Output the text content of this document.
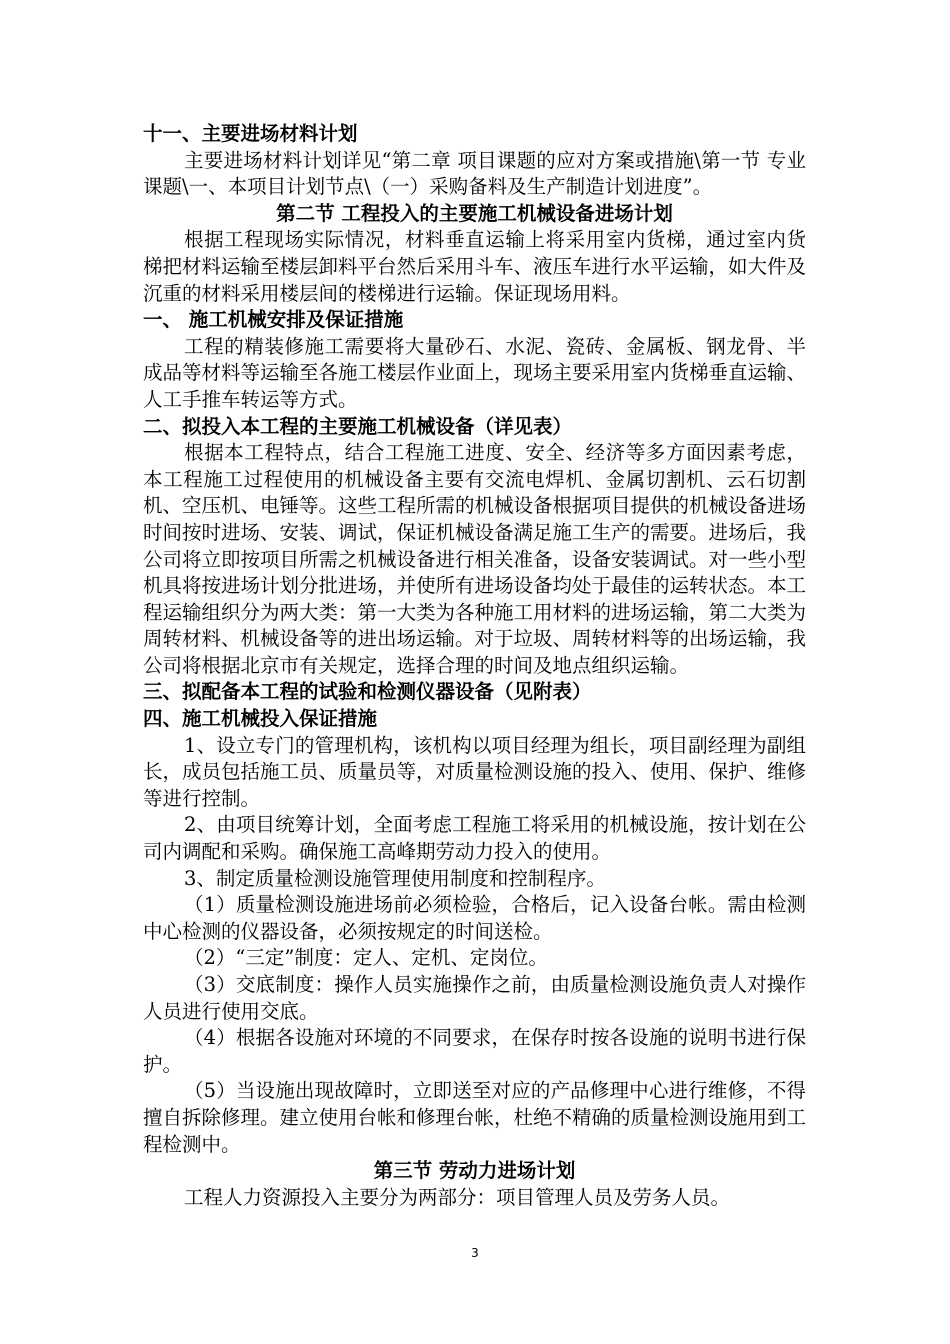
十一、主要进场材料计划

主要进场材料计划详见“第二章 项目课题的应对方案或措施\第一节 专业课题\一、本项目计划节点\（一）采购备料及生产制造计划进度”。

第二节 工程投入的主要施工机械设备进场计划

根据工程现场实际情况，材料垂直运输上将采用室内货梯，通过室内货梯把材料运输至楼层卸料平台然后采用斗车、液压车进行水平运输，如大件及沉重的材料采用楼层间的楼梯进行运输。保证现场用料。

一、 施工机械安排及保证措施

工程的精装修施工需要将大量砂石、水泥、瓷砖、金属板、钢龙骨、半成品等材料等运输至各施工楼层作业面上，现场主要采用室内货梯垂直运输、人工手推车转运等方式。

二、拟投入本工程的主要施工机械设备（详见表）

根据本工程特点，结合工程施工进度、安全、经济等多方面因素考虑，本工程施工过程使用的机械设备主要有交流电焊机、金属切割机、云石切割机、空压机、电锤等。这些工程所需的机械设备根据项目提供的机械设备进场时间按时进场、安装、调试，保证机械设备满足施工生产的需要。进场后，我公司将立即按项目所需之机械设备进行相关准备，设备安装调试。对一些小型机具将按进场计划分批进场，并使所有进场设备均处于最佳的运转状态。本工程运输组织分为两大类：第一大类为各种施工用材料的进场运输，第二大类为周转材料、机械设备等的进出场运输。对于垃圾、周转材料等的出场运输，我公司将根据北京市有关规定，选择合理的时间及地点组织运输。

三、拟配备本工程的试验和检测仪器设备（见附表）

四、施工机械投入保证措施

1、设立专门的管理机构，该机构以项目经理为组长，项目副经理为副组长，成员包括施工员、质量员等，对质量检测设施的投入、使用、保护、维修等进行控制。

2、由项目统筹计划，全面考虑工程施工将采用的机械设施，按计划在公司内调配和采购。确保施工高峰期劳动力投入的使用。

3、制定质量检测设施管理使用制度和控制程序。

（1）质量检测设施进场前必须检验，合格后，记入设备台帐。需由检测中心检测的仪器设备，必须按规定的时间送检。

（2）“三定”制度：定人、定机、定岗位。

（3）交底制度：操作人员实施操作之前，由质量检测设施负责人对操作人员进行使用交底。

（4）根据各设施对环境的不同要求，在保存时按各设施的说明书进行保护。

（5）当设施出现故障时，立即送至对应的产品修理中心进行维修，不得擅自拆除修理。建立使用台帐和修理台帐，杜绝不精确的质量检测设施用到工程检测中。

第三节 劳动力进场计划

工程人力资源投入主要分为两部分：项目管理人员及劳务人员。

3
